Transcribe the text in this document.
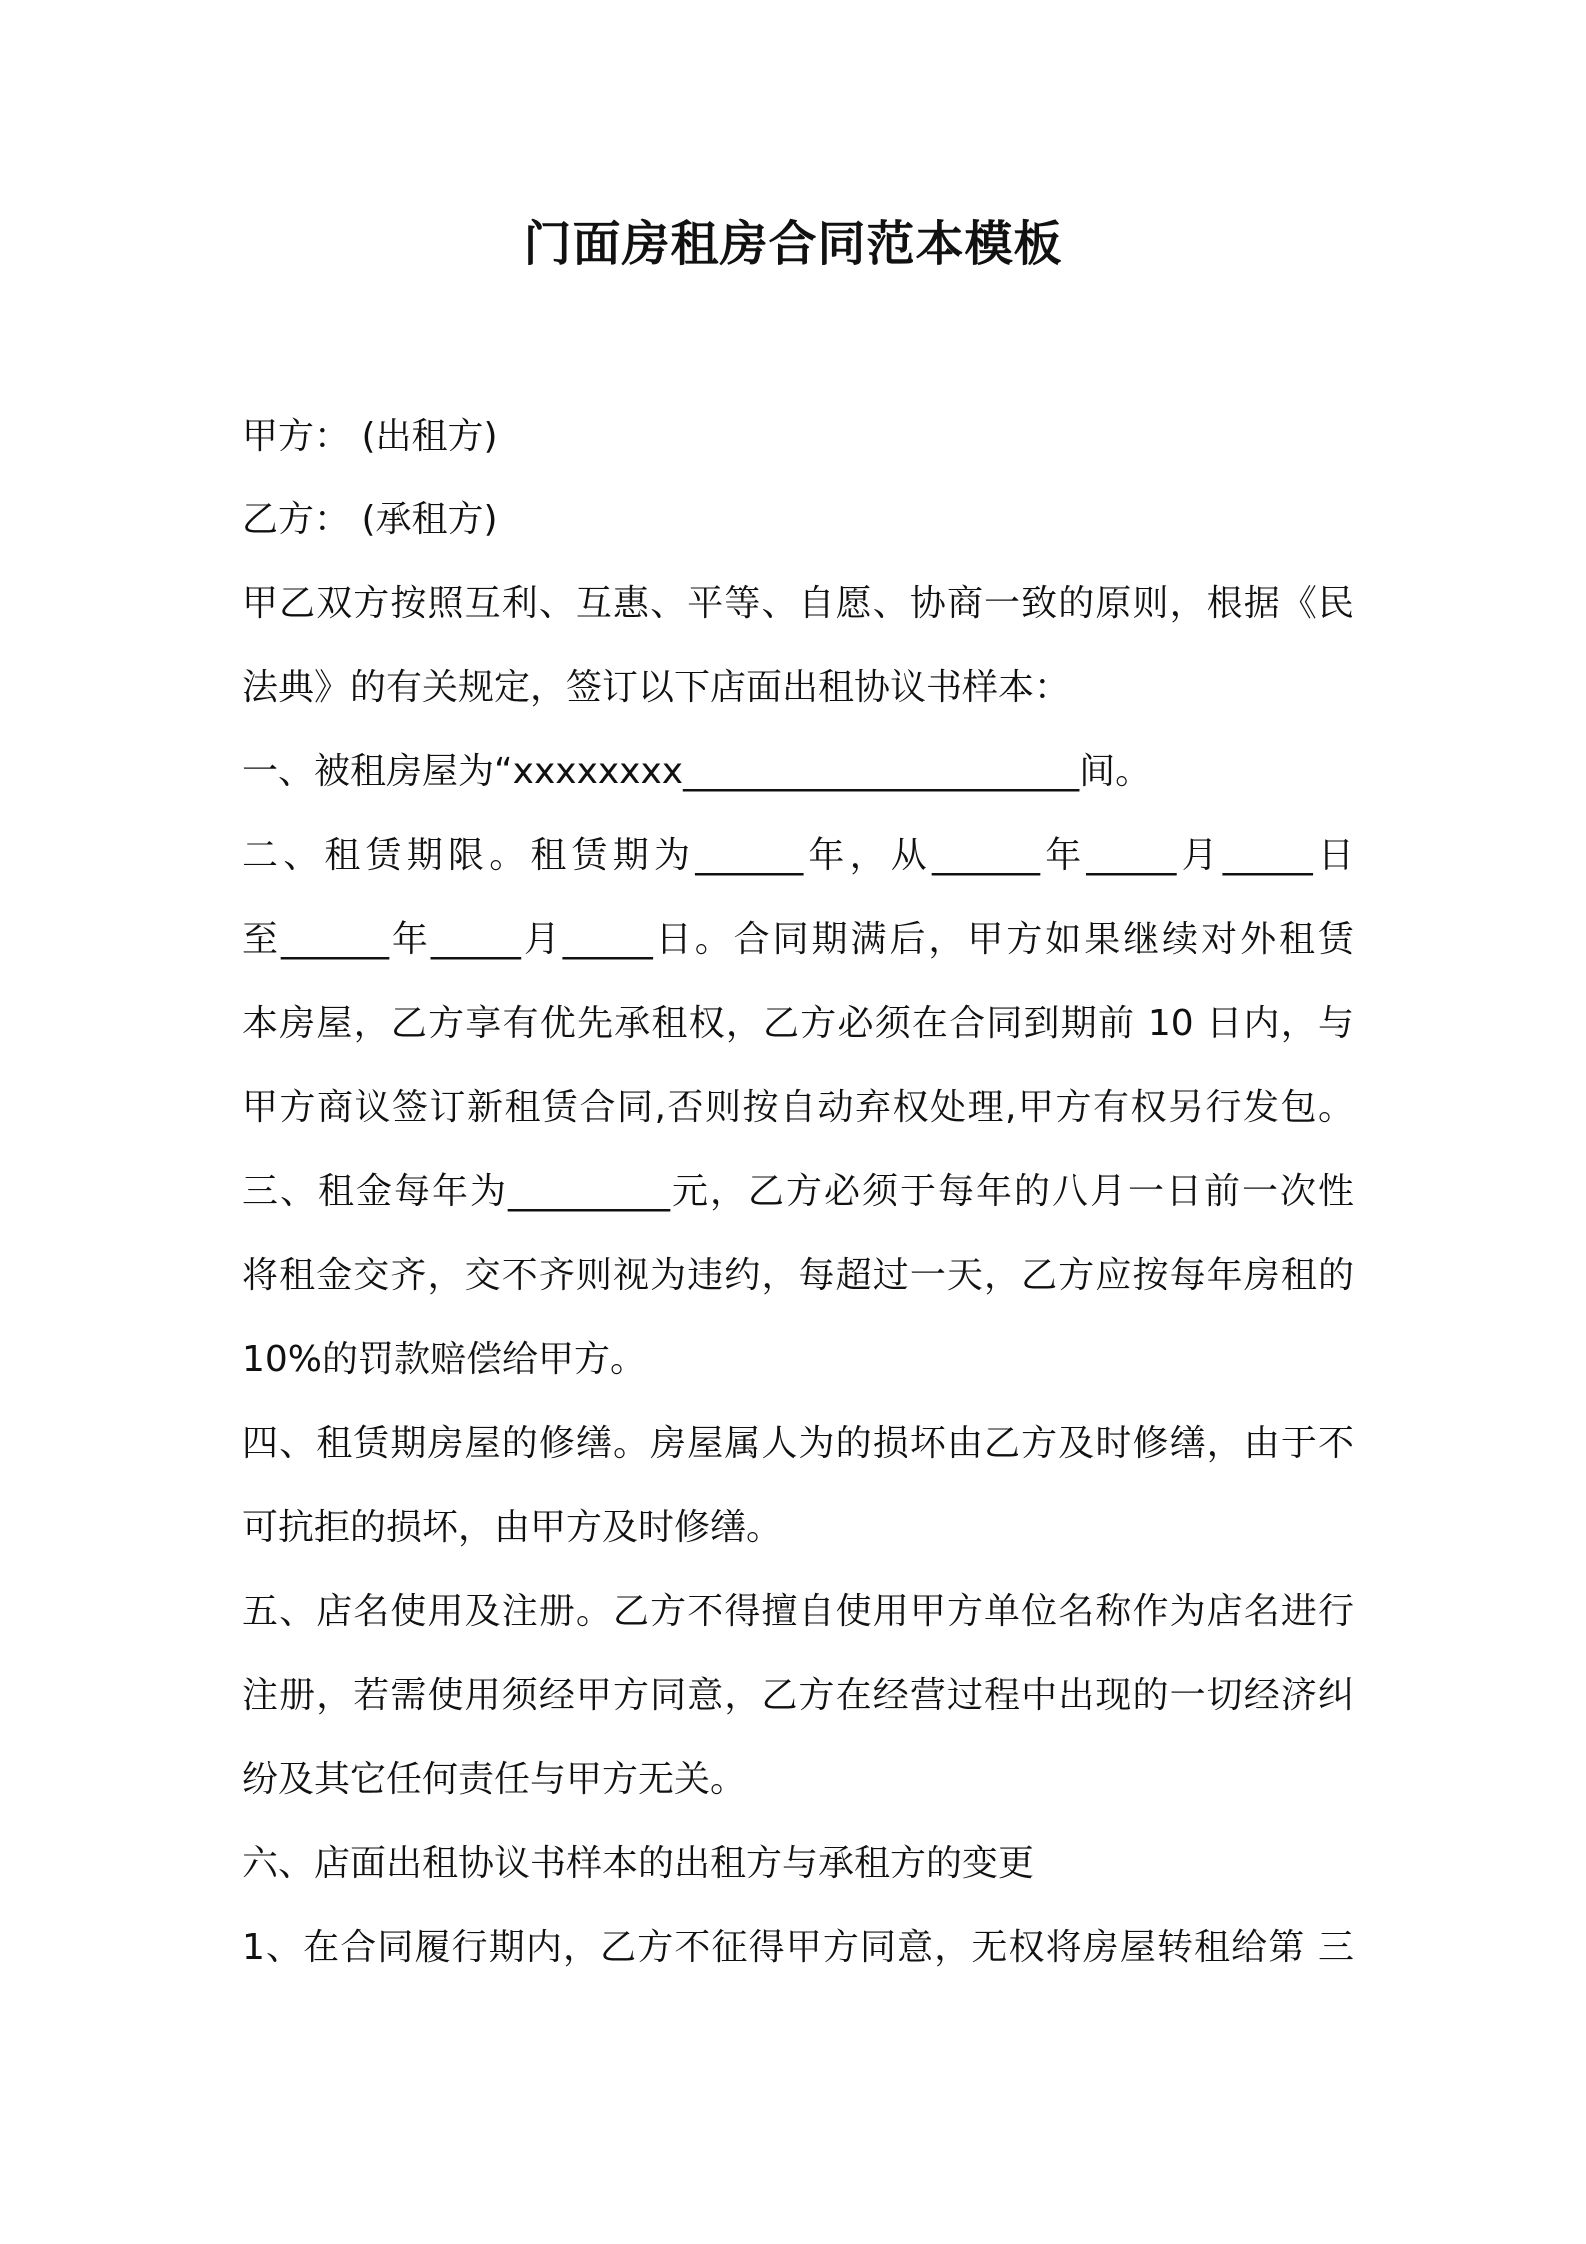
门面房租房合同范本模板
甲方： (出租方)
乙方： (承租方)
甲乙双方按照互利、互惠、平等、自愿、协商一致的原则，根据《民
法典》的有关规定，签订以下店面出租协议书样本：
一、被租房屋为“xxxxxxxx______________________间。
二、租赁期限。租赁期为______年，从______年_____月_____日
至______年_____月_____日。合同期满后，甲方如果继续对外租赁
本房屋，乙方享有优先承租权，乙方必须在合同到期前 10 日内，与
甲方商议签订新租赁合同,否则按自动弃权处理,甲方有权另行发包。
三、租金每年为_________元，乙方必须于每年的八月一日前一次性
将租金交齐，交不齐则视为违约，每超过一天，乙方应按每年房租的
10%的罚款赔偿给甲方。
四、租赁期房屋的修缮。房屋属人为的损坏由乙方及时修缮，由于不
可抗拒的损坏，由甲方及时修缮。
五、店名使用及注册。乙方不得擅自使用甲方单位名称作为店名进行
注册，若需使用须经甲方同意，乙方在经营过程中出现的一切经济纠
纷及其它任何责任与甲方无关。
六、店面出租协议书样本的出租方与承租方的变更
1、在合同履行期内，乙方不征得甲方同意，无权将房屋转租给第 三
